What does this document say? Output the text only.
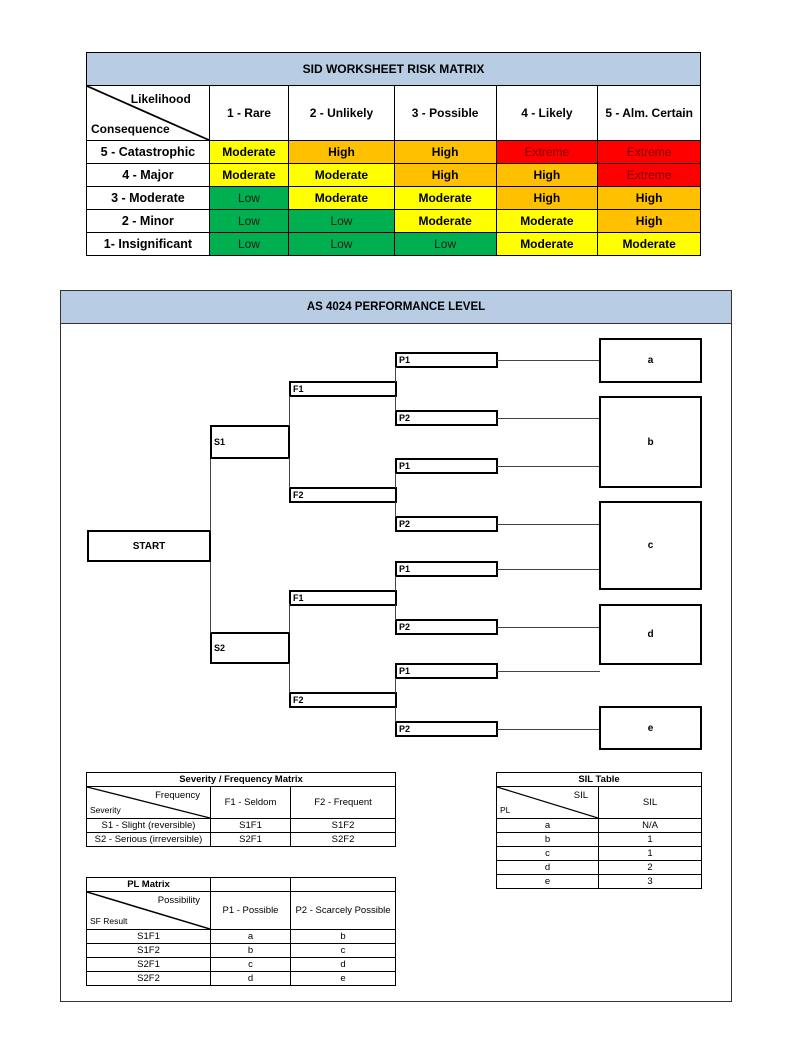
SID WORKSHEET RISK MATRIX					

Likelihood
Consequence	1 - Rare	2 - Unlikely	3 - Possible	4 - Likely	5 - Alm. Certain
5 - Catastrophic	Moderate	High	High	Extreme	Extreme
4 - Major	Moderate	Moderate	High	High	Extreme
3 - Moderate	Low	Moderate	Moderate	High	High
2 - Minor	Low	Low	Moderate	Moderate	High
1- Insignificant	Low	Low	Low	Moderate	Moderate
AS 4024 PERFORMANCE LEVEL
START
S1
S2
F1
F2
F1
F2
P1
P2
P1
P2
P1
P2
P1
P2
a
b
c
d
e
Severity / Frequency Matrix		

Frequency
Severity	F1 - Seldom	F2 - Frequent
S1 - Slight (reversible)	S1F1	S1F2
S2 - Serious (irreversible)	S2F1	S2F2
PL Matrix		

Possibility
SF Result	P1 - Possible	P2 - Scarcely Possible
S1F1	a	b
S1F2	b	c
S2F1	c	d
S2F2	d	e
SIL Table	

SIL
PL	SIL
a	N/A
b	1
c	1
d	2
e	3
